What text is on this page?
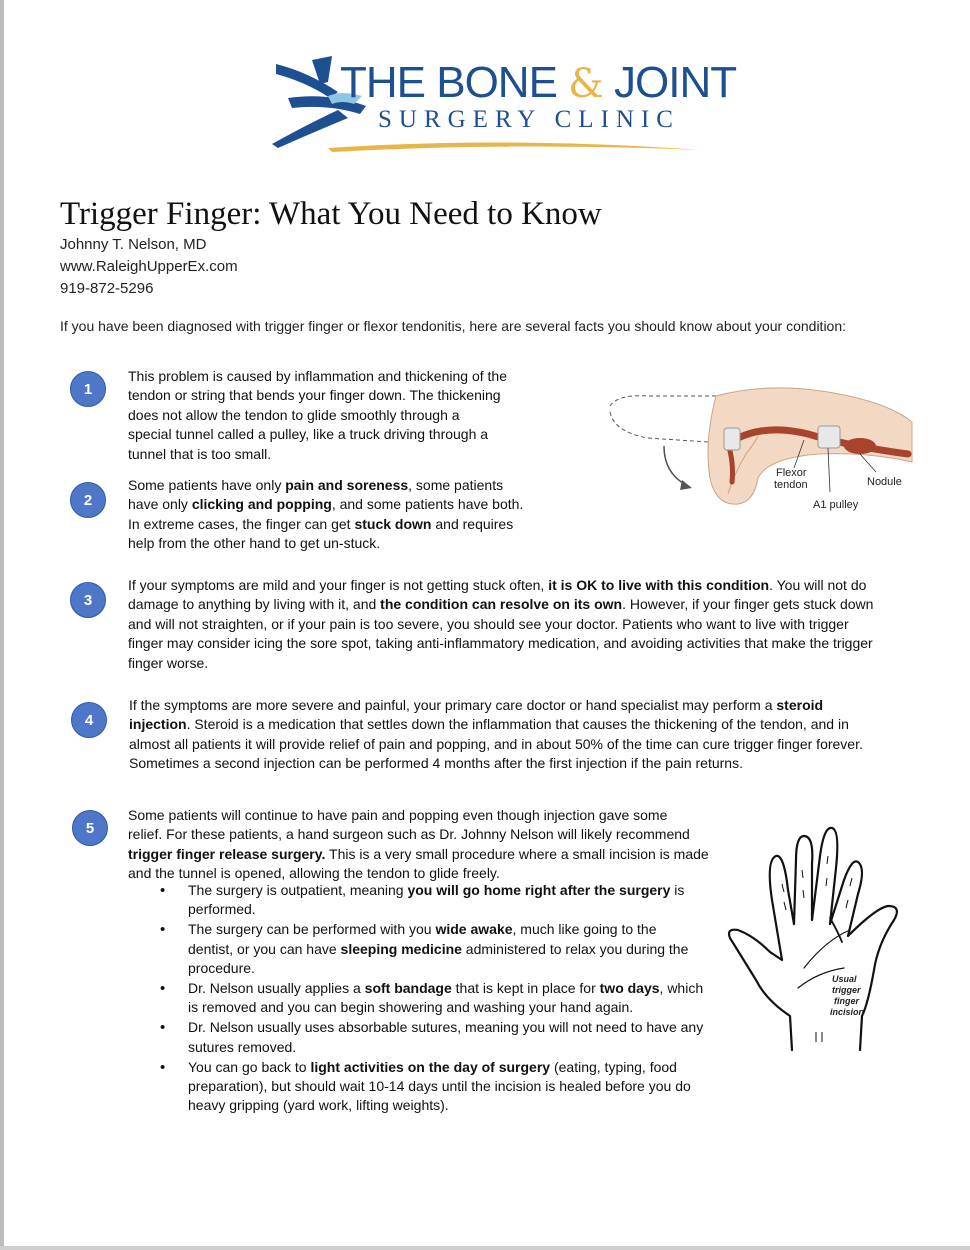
THE BONE & JOINT
SURGERY CLINIC
Trigger Finger: What You Need to Know
Johnny T. Nelson, MD
www.RaleighUpperEx.com
919-872-5296
If you have been diagnosed with trigger finger or flexor tendonitis, here are several facts you should know about your condition:
1
2
3
4
5
This problem is caused by inflammation and thickening of the
tendon or string that bends your finger down. The thickening
does not allow the tendon to glide smoothly through a
special tunnel called a pulley, like a truck driving through a
tunnel that is too small.
Some patients have only pain and soreness, some patients
have only clicking and popping, and some patients have both.
In extreme cases, the finger can get stuck down and requires
help from the other hand to get un-stuck.
Flexor
tendon	Nodule
A1 pulley
If your symptoms are mild and your finger is not getting stuck often, it is OK to live with this condition. You will not do
damage to anything by living with it, and the condition can resolve on its own. However, if your finger gets stuck down
and will not straighten, or if your pain is too severe, you should see your doctor. Patients who want to live with trigger
finger may consider icing the sore spot, taking anti-inflammatory medication, and avoiding activities that make the trigger
finger worse.
If the symptoms are more severe and painful, your primary care doctor or hand specialist may perform a steroid
injection. Steroid is a medication that settles down the inflammation that causes the thickening of the tendon, and in
almost all patients it will provide relief of pain and popping, and in about 50% of the time can cure trigger finger forever.
Sometimes a second injection can be performed 4 months after the first injection if the pain returns.
Some patients will continue to have pain and popping even though injection gave some
relief. For these patients, a hand surgeon such as Dr. Johnny Nelson will likely recommend
trigger finger release surgery. This is a very small procedure where a small incision is made
and the tunnel is opened, allowing the tendon to glide freely.
• The surgery is outpatient, meaning you will go home right after the surgery is
performed.
• The surgery can be performed with you wide awake, much like going to the
dentist, or you can have sleeping medicine administered to relax you during the
procedure.
• Dr. Nelson usually applies a soft bandage that is kept in place for two days, which
is removed and you can begin showering and washing your hand again.
• Dr. Nelson usually uses absorbable sutures, meaning you will not need to have any
sutures removed.
• You can go back to light activities on the day of surgery (eating, typing, food
preparation), but should wait 10-14 days until the incision is healed before you do
heavy gripping (yard work, lifting weights).
Usual
trigger
finger
incision
